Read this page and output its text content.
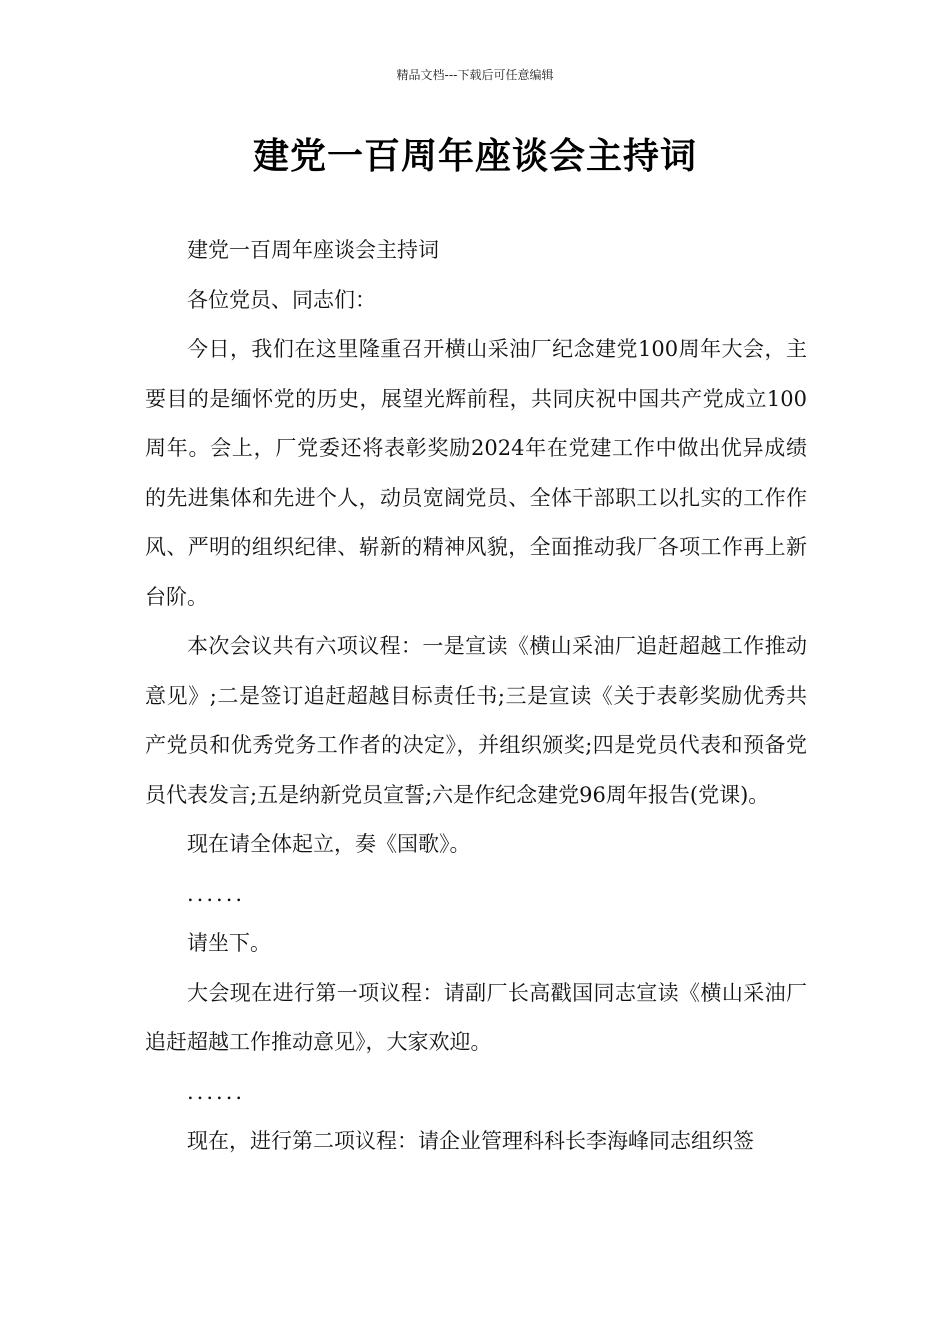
精品文档---下载后可任意编辑
建党一百周年座谈会主持词

建党一百周年座谈会主持词

各位党员、同志们：

今日，我们在这里隆重召开横山采油厂纪念建党100周年大会，主要目的是缅怀党的历史，展望光辉前程，共同庆祝中国共产党成立100周年。会上，厂党委还将表彰奖励2024年在党建工作中做出优异成绩的先进集体和先进个人，动员宽阔党员、全体干部职工以扎实的工作作风、严明的组织纪律、崭新的精神风貌，全面推动我厂各项工作再上新台阶。

本次会议共有六项议程：一是宣读《横山采油厂追赶超越工作推动意见》;二是签订追赶超越目标责任书;三是宣读《关于表彰奖励优秀共产党员和优秀党务工作者的决定》，并组织颁奖;四是党员代表和预备党员代表发言;五是纳新党员宣誓;六是作纪念建党96周年报告(党课)。

现在请全体起立，奏《国歌》。

......

请坐下。

大会现在进行第一项议程：请副厂长高戳国同志宣读《横山采油厂追赶超越工作推动意见》，大家欢迎。

......

现在，进行第二项议程：请企业管理科科长李海峰同志组织签
